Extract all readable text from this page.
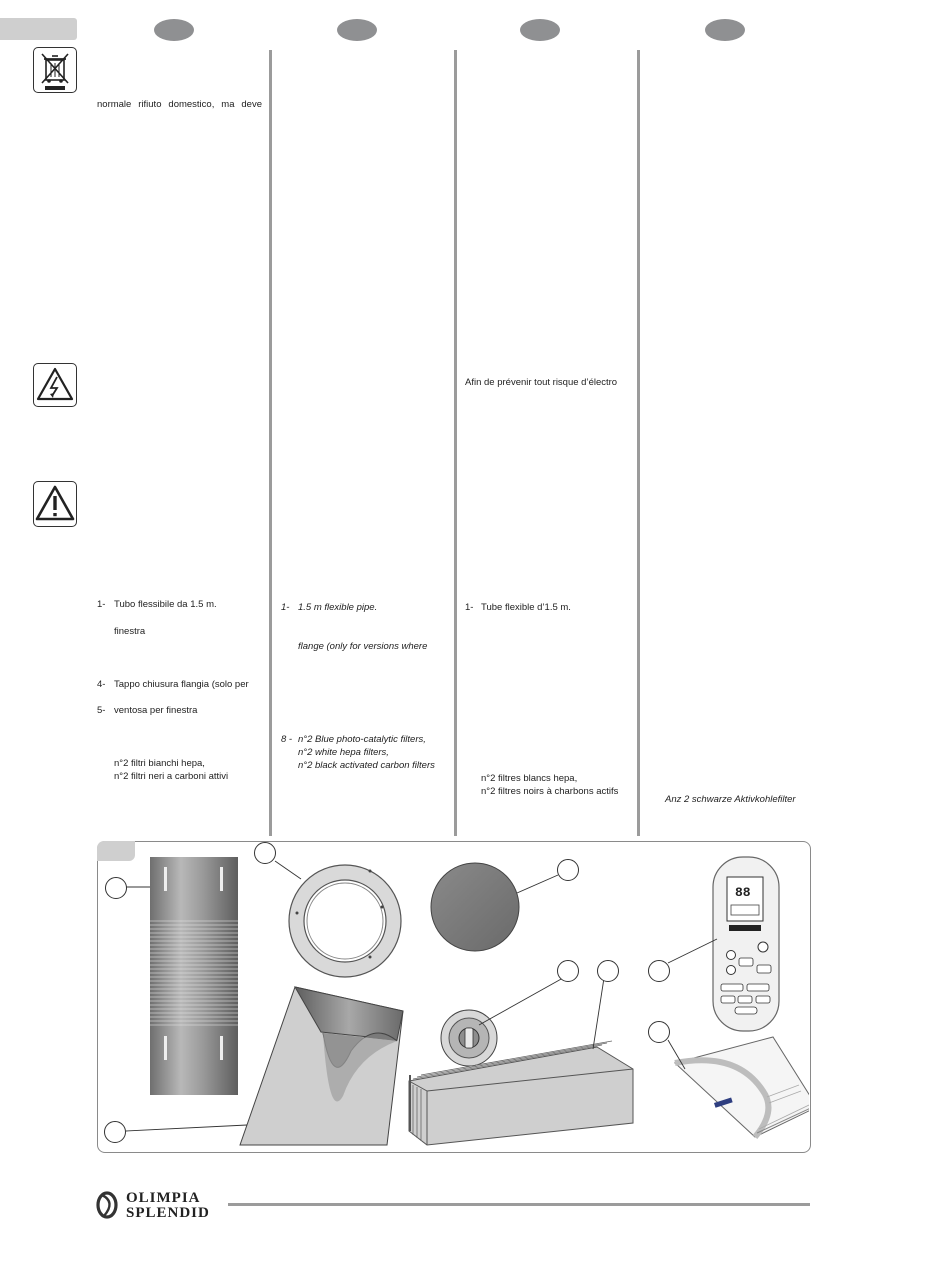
normale rifiuto domestico, ma deve
1- Tubo flessibile da 1.5 m.
finestra
4- Tappo chiusura flangia (solo per
5- ventosa per finestra
n°2 filtri bianchi hepa,
n°2 filtri neri a carboni attivi
1- 1.5 m flexible pipe.
flange (only for versions where
8 - n°2 Blue photo-catalytic filters,
n°2 white hepa filters,
n°2 black activated carbon filters
Afin de prévenir tout risque d’électro
1- Tube flexible d’1.5 m.
n°2 filtres blancs hepa,
n°2 filtres noirs à charbons actifs
Anz 2 schwarze Aktivkohlefilter
88
OLIMPIA
SPLENDID
